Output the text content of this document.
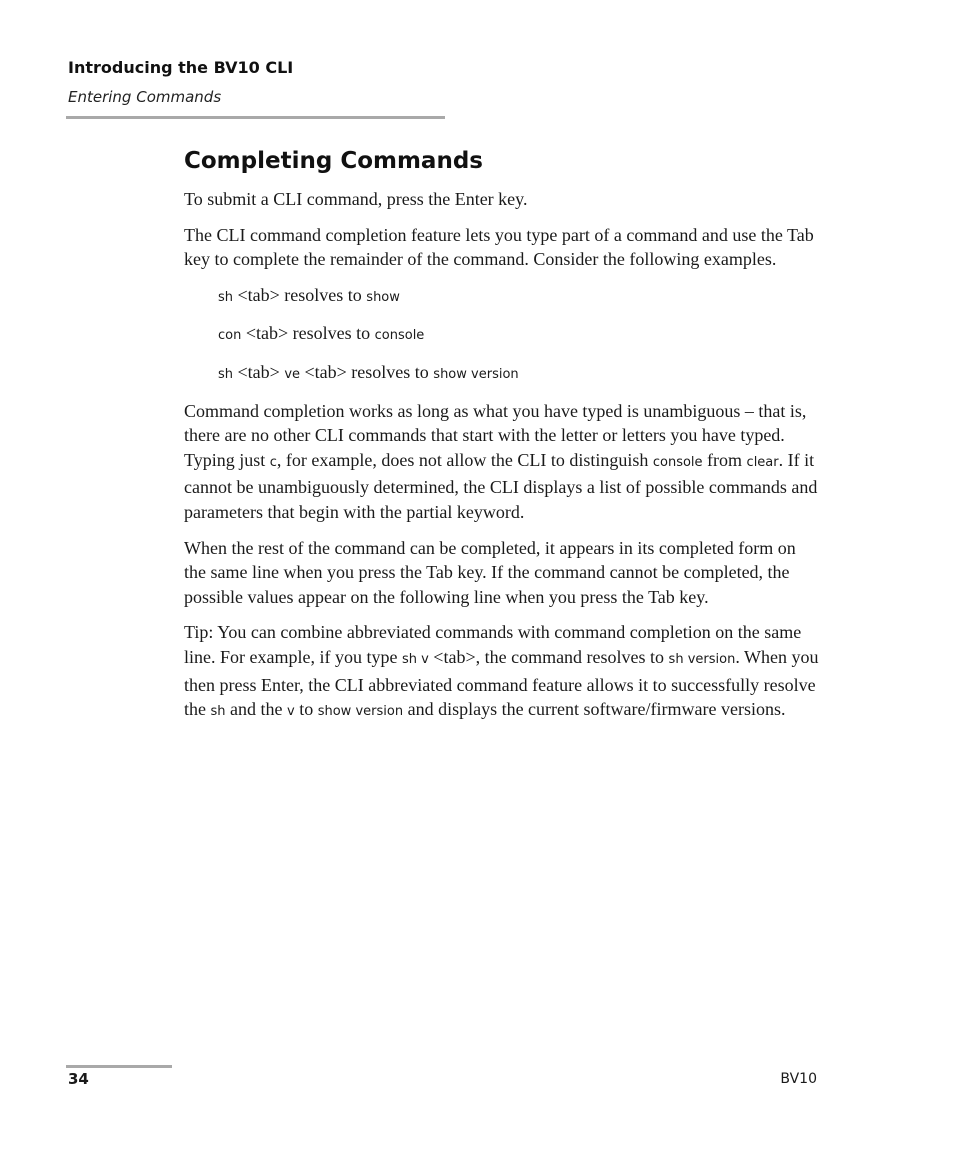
Introducing the BV10 CLI
Entering Commands
Completing Commands

To submit a CLI command, press the Enter key.

The CLI command completion feature lets you type part of a command and use the Tab key to complete the remainder of the command. Consider the following examples.

sh <tab> resolves to show

con <tab> resolves to console

sh <tab> ve <tab> resolves to show version

Command completion works as long as what you have typed is unambiguous – that is, there are no other CLI commands that start with the letter or letters you have typed. Typing just c, for example, does not allow the CLI to distinguish console from clear. If it cannot be unambiguously determined, the CLI displays a list of possible commands and parameters that begin with the partial keyword.

When the rest of the command can be completed, it appears in its completed form on the same line when you press the Tab key. If the command cannot be completed, the possible values appear on the following line when you press the Tab key.

Tip: You can combine abbreviated commands with command completion on the same line. For example, if you type sh v <tab>, the command resolves to sh version. When you then press Enter, the CLI abbreviated command feature allows it to successfully resolve the sh and the v to show version and displays the current software/firmware versions.

34	BV10
